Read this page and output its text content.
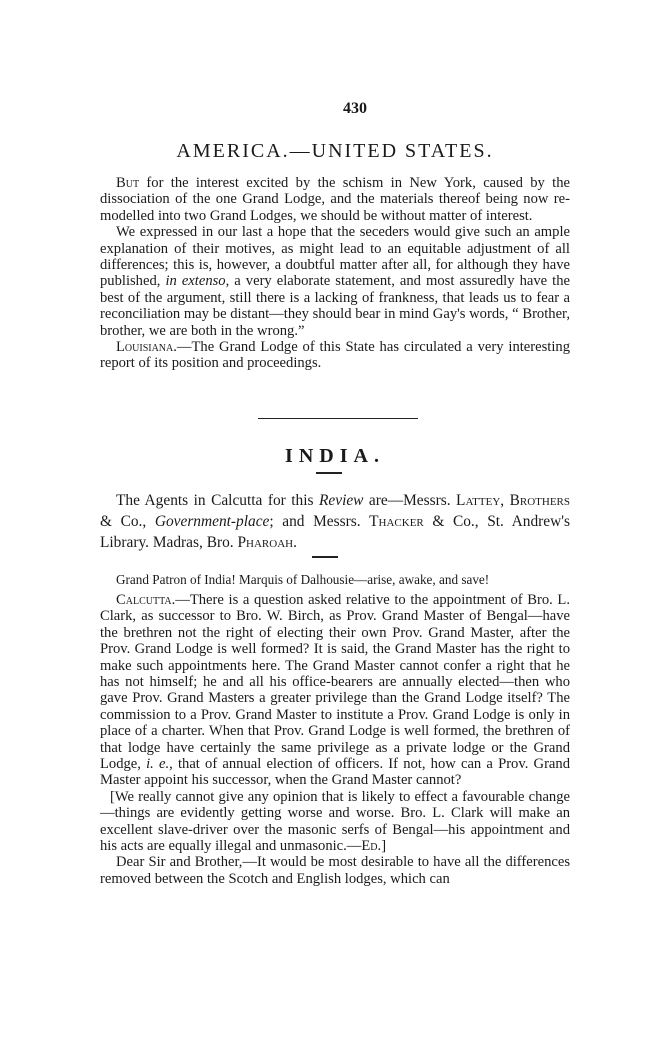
430
AMERICA.—UNITED STATES.

But for the interest excited by the schism in New York, caused by the dissociation of the one Grand Lodge, and the materials thereof being now re-modelled into two Grand Lodges, we should be without matter of interest.

We expressed in our last a hope that the seceders would give such an ample explanation of their motives, as might lead to an equitable adjustment of all differences; this is, however, a doubtful matter after all, for although they have published, in extenso, a very elaborate statement, and most assuredly have the best of the argument, still there is a lacking of frankness, that leads us to fear a reconciliation may be distant—they should bear in mind Gay's words, “ Brother, brother, we are both in the wrong.”

Louisiana.—The Grand Lodge of this State has circulated a very interesting report of its position and proceedings.

INDIA.

The Agents in Calcutta for this Review are—Messrs. Lattey, Brothers & Co., Government-place; and Messrs. Thacker & Co., St. Andrew's Library. Madras, Bro. Pharoah.

Grand Patron of India! Marquis of Dalhousie—arise, awake, and save!

Calcutta.—There is a question asked relative to the appointment of Bro. L. Clark, as successor to Bro. W. Birch, as Prov. Grand Master of Bengal—have the brethren not the right of electing their own Prov. Grand Master, after the Prov. Grand Lodge is well formed? It is said, the Grand Master has the right to make such appointments here. The Grand Master cannot confer a right that he has not himself; he and all his office-bearers are annually elected—then who gave Prov. Grand Masters a greater privilege than the Grand Lodge itself? The commission to a Prov. Grand Master to institute a Prov. Grand Lodge is only in place of a charter. When that Prov. Grand Lodge is well formed, the brethren of that lodge have certainly the same privilege as a private lodge or the Grand Lodge, i. e., that of annual election of officers. If not, how can a Prov. Grand Master appoint his successor, when the Grand Master cannot?

[We really cannot give any opinion that is likely to effect a favourable change—things are evidently getting worse and worse. Bro. L. Clark will make an excellent slave-driver over the masonic serfs of Bengal—his appointment and his acts are equally illegal and unmasonic.—Ed.]

Dear Sir and Brother,—It would be most desirable to have all the differences removed between the Scotch and English lodges, which can
